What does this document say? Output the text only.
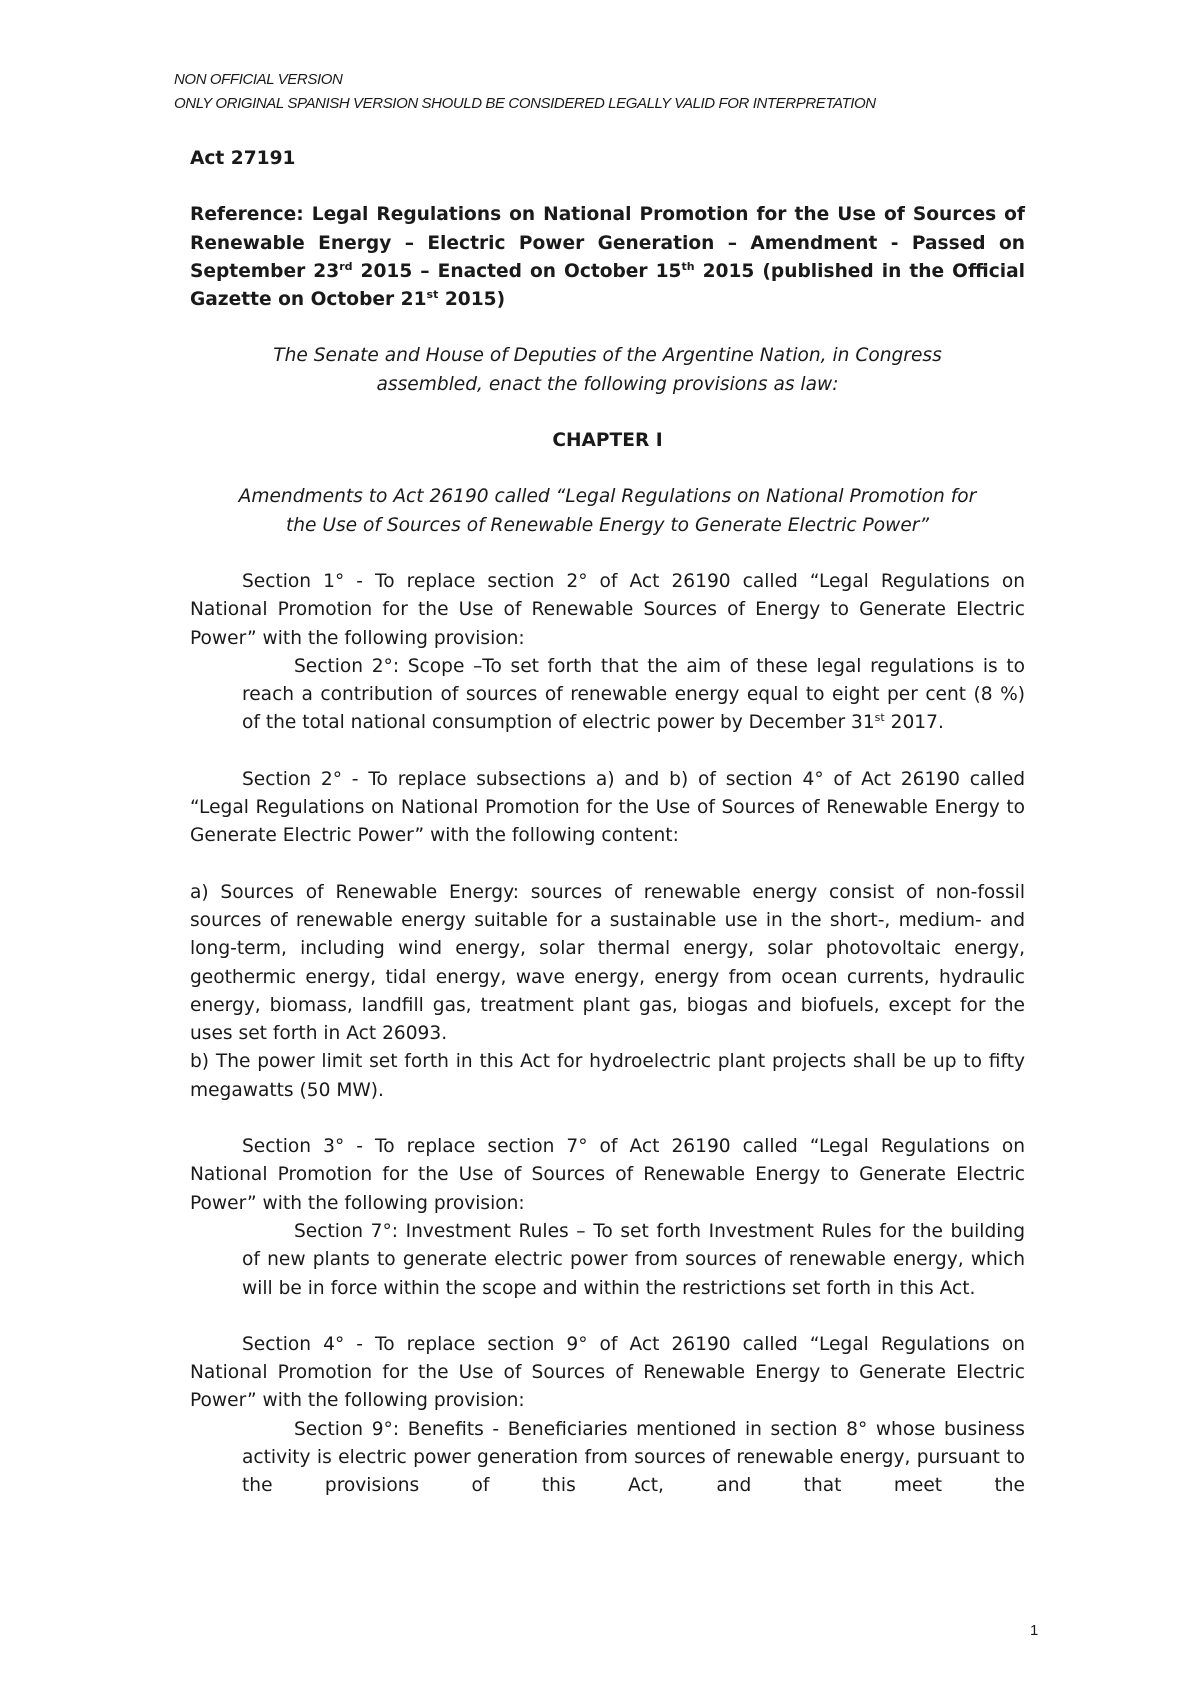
NON OFFICIAL VERSION
ONLY ORIGINAL SPANISH VERSION SHOULD BE CONSIDERED LEGALLY VALID FOR INTERPRETATION

Act 27191

Reference: Legal Regulations on National Promotion for the Use of Sources of Renewable Energy – Electric Power Generation – Amendment - Passed on September 23rd 2015 – Enacted on October 15th 2015 (published in the Official Gazette on October 21st 2015)

The Senate and House of Deputies of the Argentine Nation, in Congress
assembled, enact the following provisions as law:

CHAPTER I

Amendments to Act 26190 called “Legal Regulations on National Promotion for
the Use of Sources of Renewable Energy to Generate Electric Power”

Section 1° - To replace section 2° of Act 26190 called “Legal Regulations on National Promotion for the Use of Renewable Sources of Energy to Generate Electric Power” with the following provision:

Section 2°: Scope –To set forth that the aim of these legal regulations is to reach a contribution of sources of renewable energy equal to eight per cent (8 %) of the total national consumption of electric power by December 31st 2017.

Section 2° - To replace subsections a) and b) of section 4° of Act 26190 called “Legal Regulations on National Promotion for the Use of Sources of Renewable Energy to Generate Electric Power” with the following content:

a) Sources of Renewable Energy: sources of renewable energy consist of non-fossil sources of renewable energy suitable for a sustainable use in the short-, medium- and long-term, including wind energy, solar thermal energy, solar photovoltaic energy, geothermic energy, tidal energy, wave energy, energy from ocean currents, hydraulic energy, biomass, landfill gas, treatment plant gas, biogas and biofuels, except for the uses set forth in Act 26093.

b) The power limit set forth in this Act for hydroelectric plant projects shall be up to fifty megawatts (50 MW).

Section 3° - To replace section 7° of Act 26190 called “Legal Regulations on National Promotion for the Use of Sources of Renewable Energy to Generate Electric Power” with the following provision:

Section 7°: Investment Rules – To set forth Investment Rules for the building of new plants to generate electric power from sources of renewable energy, which will be in force within the scope and within the restrictions set forth in this Act.

Section 4° - To replace section 9° of Act 26190 called “Legal Regulations on National Promotion for the Use of Sources of Renewable Energy to Generate Electric Power” with the following provision:

Section 9°: Benefits - Beneficiaries mentioned in section 8° whose business activity is electric power generation from sources of renewable energy, pursuant to the provisions of this Act, and that meet the

1
